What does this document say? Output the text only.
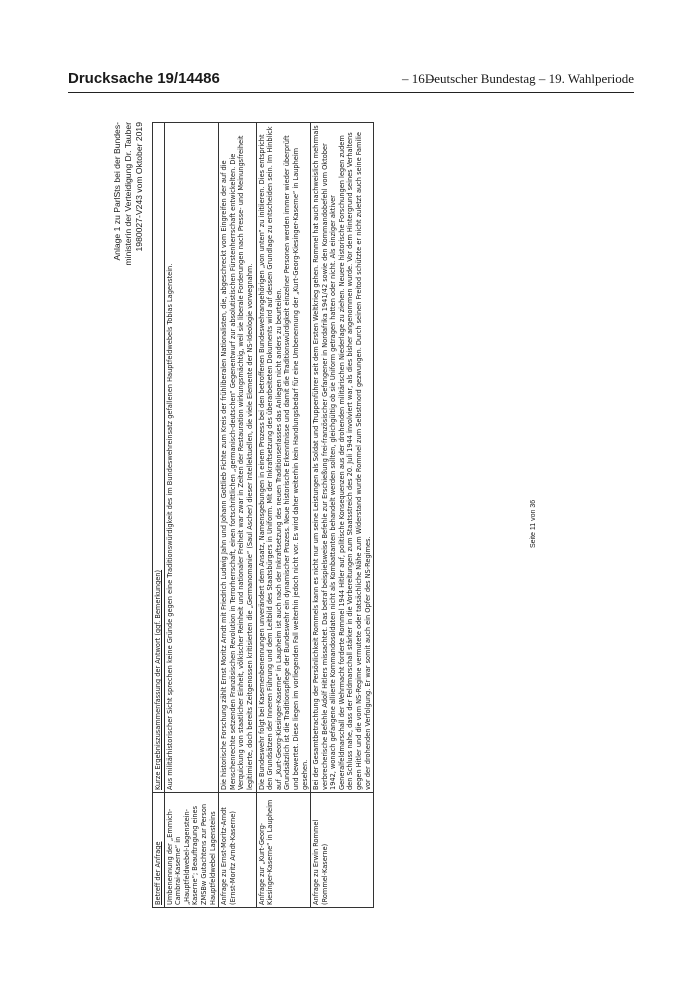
Drucksache 19/14486	– 16 –
Deutscher Bundestag – 19. Wahlperiode
Anlage 1 zu ParlSts bei der Bundes- ministerin der Verteidigung Dr. Tauber 1980027-V243 vom Oktober 2019
Betreff der Anfrage	Kurze Ergebniszusammenfassung der Antwort (ggf. Bemerkungen)
Umbenennung der „Emmich-Cambrai-Kaserne“ in „Hauptfeldwebel-Lagenstein-Kaserne“; Beauftragung eines ZMSBw Gutachtens zur Person Hauptfeldwebel Lagensteins	Aus militärhistorischer Sicht sprechen keine Gründe gegen eine Traditionswürdigkeit des im Bundeswehreinsatz gefallenen Hauptfeldwebels Tobias Lagenstein.
Anfrage zu Ernst-Moritz-Arndt (Ernst-Moritz Arndt-Kaserne)	Die historische Forschung zählt Ernst Moritz Arndt mit Friedrich Ludwig Jahn und Johann Gottlieb Fichte zum Kreis der frühliberalen Nationalisten, die, abgeschreckt vom Eingreifen der auf die Menschenrechte setzenden Französischen Revolution in Terrorherrschaft, einen fortschrittlichen „germanisch-deutschen“ Gegenentwurf zur absolutistischen Fürstenherrschaft entwickelten. Die Verquickung von staatlicher Einheit, völkischer Reinheit und nationaler Freiheit war zwar in Zeiten der Restauration wirkungsmächtig, weil sie liberale Forderungen nach Presse- und Meinungsfreiheit legitimierte, doch bereits Zeitgenossen kritisierten die „Germanomanie“ (Saul Ascher) dieser Intellektuellen, die viele Elemente der NS-Ideologie vorwegnahm.
Anfrage zur „Kurt-Georg-Kiesinger-Kaserne“ in Laupheim	Die Bundeswehr folgt bei Kasernenbenennungen unverändert dem Ansatz, Namensgebungen in einem Prozess bei den betroffenen Bundeswehrangehörigen „von unten“ zu initiieren. Dies entspricht den Grundsätzen der Inneren Führung und dem Leitbild des Staatsbürgers in Uniform. Mit der Inkraftsetzung des überarbeiteten Dokuments wird auf dessen Grundlage zu entscheiden sein. Im Hinblick auf „Kurt-Georg-Kiesinger-Kaserne“ in Laupheim ist auch nach der Inkraftsetzung des neuen Traditionserlasses das Anliegen nicht anders zu beurteilen. Grundsätzlich ist die Traditionspflege der Bundeswehr ein dynamischer Prozess. Neue historische Erkenntnisse und damit die Traditionswürdigkeit einzelner Personen werden immer wieder überprüft und bewertet. Diese liegen im vorliegenden Fall weiterhin jedoch nicht vor. Es wird daher weiterhin kein Handlungsbedarf für eine Umbenennung der „Kurt-Georg-Kiesinger-Kaserne“ in Laupheim gesehen.

Anfrage zu Erwin Rommel (Rommel-Kaserne)	Bei der Gesamtbetrachtung der Persönlichkeit Rommels kann es nicht nur um seine Leistungen als Soldat und Truppenführer seit dem Ersten Weltkrieg gehen. Rommel hat auch nachweislich mehrmals verbrecherische Befehle Adolf Hitlers missachtet. Das betraf beispielsweise Befehle zur Erschießung frei-französischer Gefangener in Nordafrika 1941/42 sowie den Kommandobefehl vom Oktober 1942, wonach gefangene alliierte Kommandosoldaten nicht als Kombattanten behandelt werden sollten, gleichgültig ob sie Uniform getragen hatten oder nicht. Als einziger aktiver Generalfeldmarschall der Wehrmacht forderte Rommel 1944 Hitler auf, politische Konsequenzen aus der drohenden militärischen Niederlage zu ziehen. Neuere historische Forschungen legen zudem den Schluss nahe, dass der Feldmarschall stärker in die Vorbereitungen zum Staatsstreich des 20. Juli 1944 involviert war, als dies bisher angenommen wurde. Vor dem Hintergrund seines Verhaltens gegen Hitler und die vom NS-Regime vermutete oder tatsächliche Nähe zum Widerstand wurde Rommel zum Selbstmord gezwungen. Durch seinen Freitod schützte er nicht zuletzt auch seine Familie vor der drohenden Verfolgung. Er war somit auch ein Opfer des NS-Regimes.
Seite 11 von 36
